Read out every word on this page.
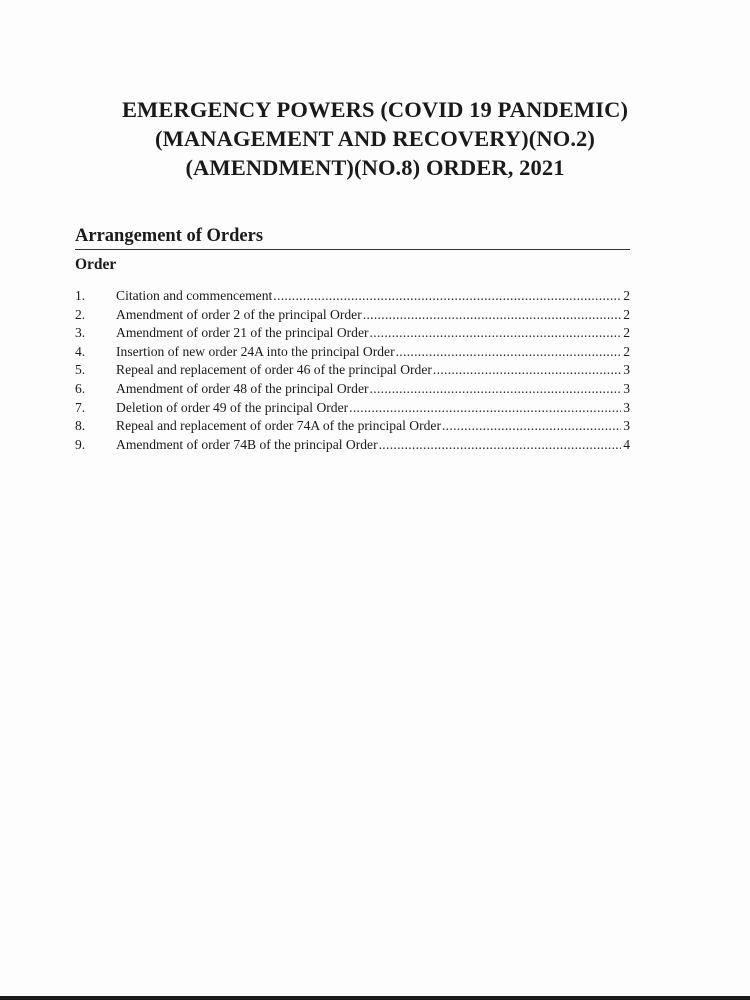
EMERGENCY POWERS (COVID 19 PANDEMIC)
(MANAGEMENT AND RECOVERY)(NO.2)
(AMENDMENT)(NO.8) ORDER, 2021
Arrangement of Orders
Order
1.	Citation and commencement .....	2
2.	Amendment of order 2 of the principal Order .....	2
3.	Amendment of order 21 of the principal Order .....	2
4.	Insertion of new order 24A into the principal Order .....	2
5.	Repeal and replacement of order 46 of the principal Order .....	3
6.	Amendment of order 48 of the principal Order .....	3
7.	Deletion of order 49 of the principal Order .....	3
8.	Repeal and replacement of order 74A of the principal Order .....	3
9.	Amendment of order 74B of the principal Order .....	4
